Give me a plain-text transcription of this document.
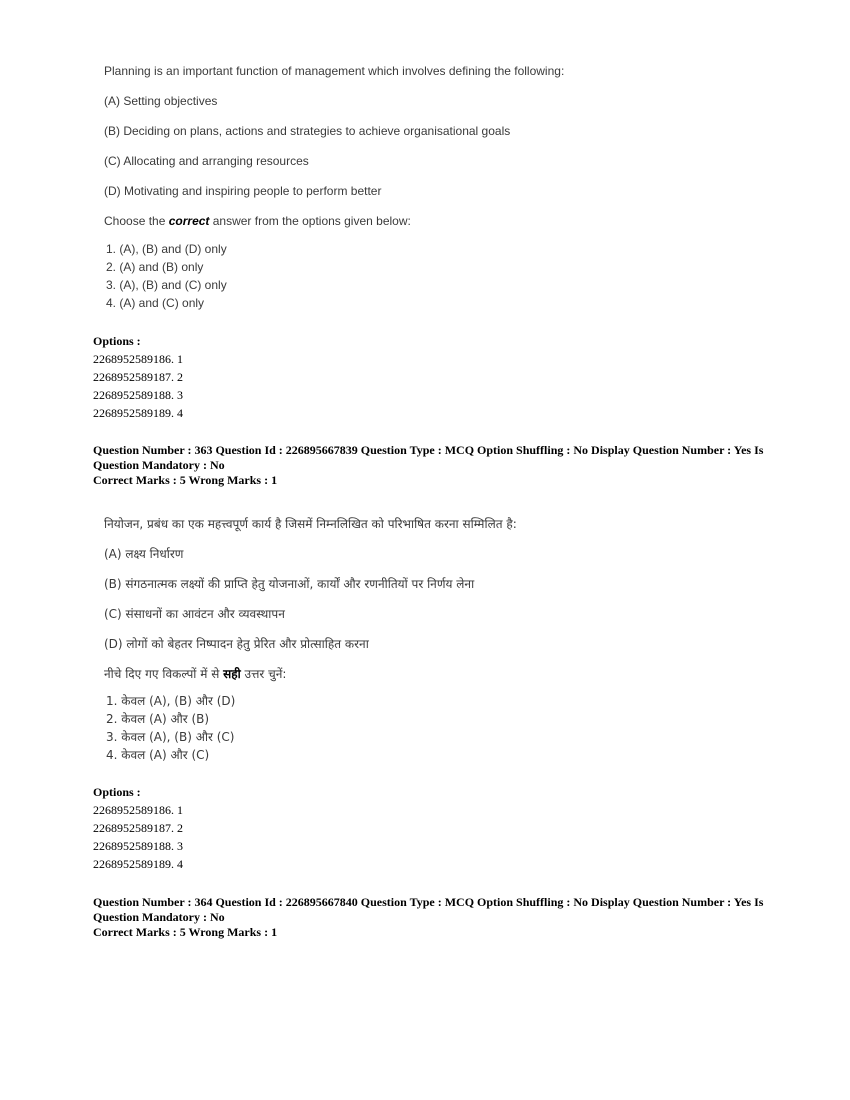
Planning is an important function of management which involves defining the following:
(A) Setting objectives
(B) Deciding on plans, actions and strategies to achieve organisational goals
(C) Allocating and arranging resources
(D) Motivating and inspiring people to perform better
Choose the correct answer from the options given below:
1. (A), (B) and (D) only
2. (A) and (B) only
3. (A), (B) and (C) only
4. (A) and (C) only
Options :
2268952589186. 1
2268952589187. 2
2268952589188. 3
2268952589189. 4
Question Number : 363 Question Id : 226895667839 Question Type : MCQ Option Shuffling : No Display Question Number : Yes Is
Question Mandatory : No
Correct Marks : 5 Wrong Marks : 1
नियोजन, प्रबंध का एक महत्त्वपूर्ण कार्य है जिसमें निम्नलिखित को परिभाषित करना सम्मिलित है:
(A) लक्ष्य निर्धारण
(B) संगठनात्मक लक्ष्यों की प्राप्ति हेतु योजनाओं, कार्यों और रणनीतियों पर निर्णय लेना
(C) संसाधनों का आवंटन और व्यवस्थापन
(D) लोगों को बेहतर निष्पादन हेतु प्रेरित और प्रोत्साहित करना
नीचे दिए गए विकल्पों में से सही उत्तर चुनें:
1. केवल (A), (B) और (D)
2. केवल (A) और (B)
3. केवल (A), (B) और (C)
4. केवल (A) और (C)
Options :
2268952589186. 1
2268952589187. 2
2268952589188. 3
2268952589189. 4
Question Number : 364 Question Id : 226895667840 Question Type : MCQ Option Shuffling : No Display Question Number : Yes Is
Question Mandatory : No
Correct Marks : 5 Wrong Marks : 1
